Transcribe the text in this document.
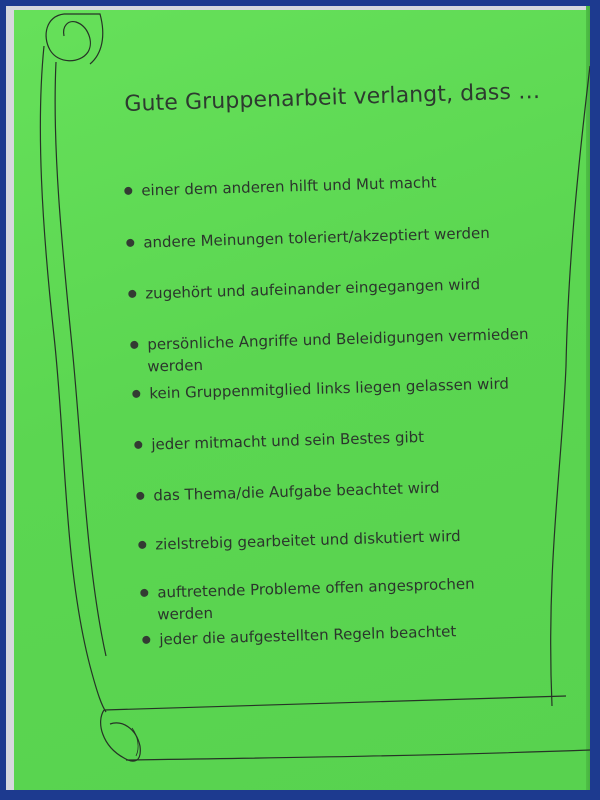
Gute Gruppenarbeit verlangt, dass …
einer dem anderen hilft und Mut macht
andere Meinungen toleriert/akzeptiert werden
zugehört und aufeinander eingegangen wird
persönliche Angriffe und Beleidigungen vermieden
werden
kein Gruppenmitglied links liegen gelassen wird
jeder mitmacht und sein Bestes gibt
das Thema/die Aufgabe beachtet wird
zielstrebig gearbeitet und diskutiert wird
auftretende Probleme offen angesprochen
werden
jeder die aufgestellten Regeln beachtet
